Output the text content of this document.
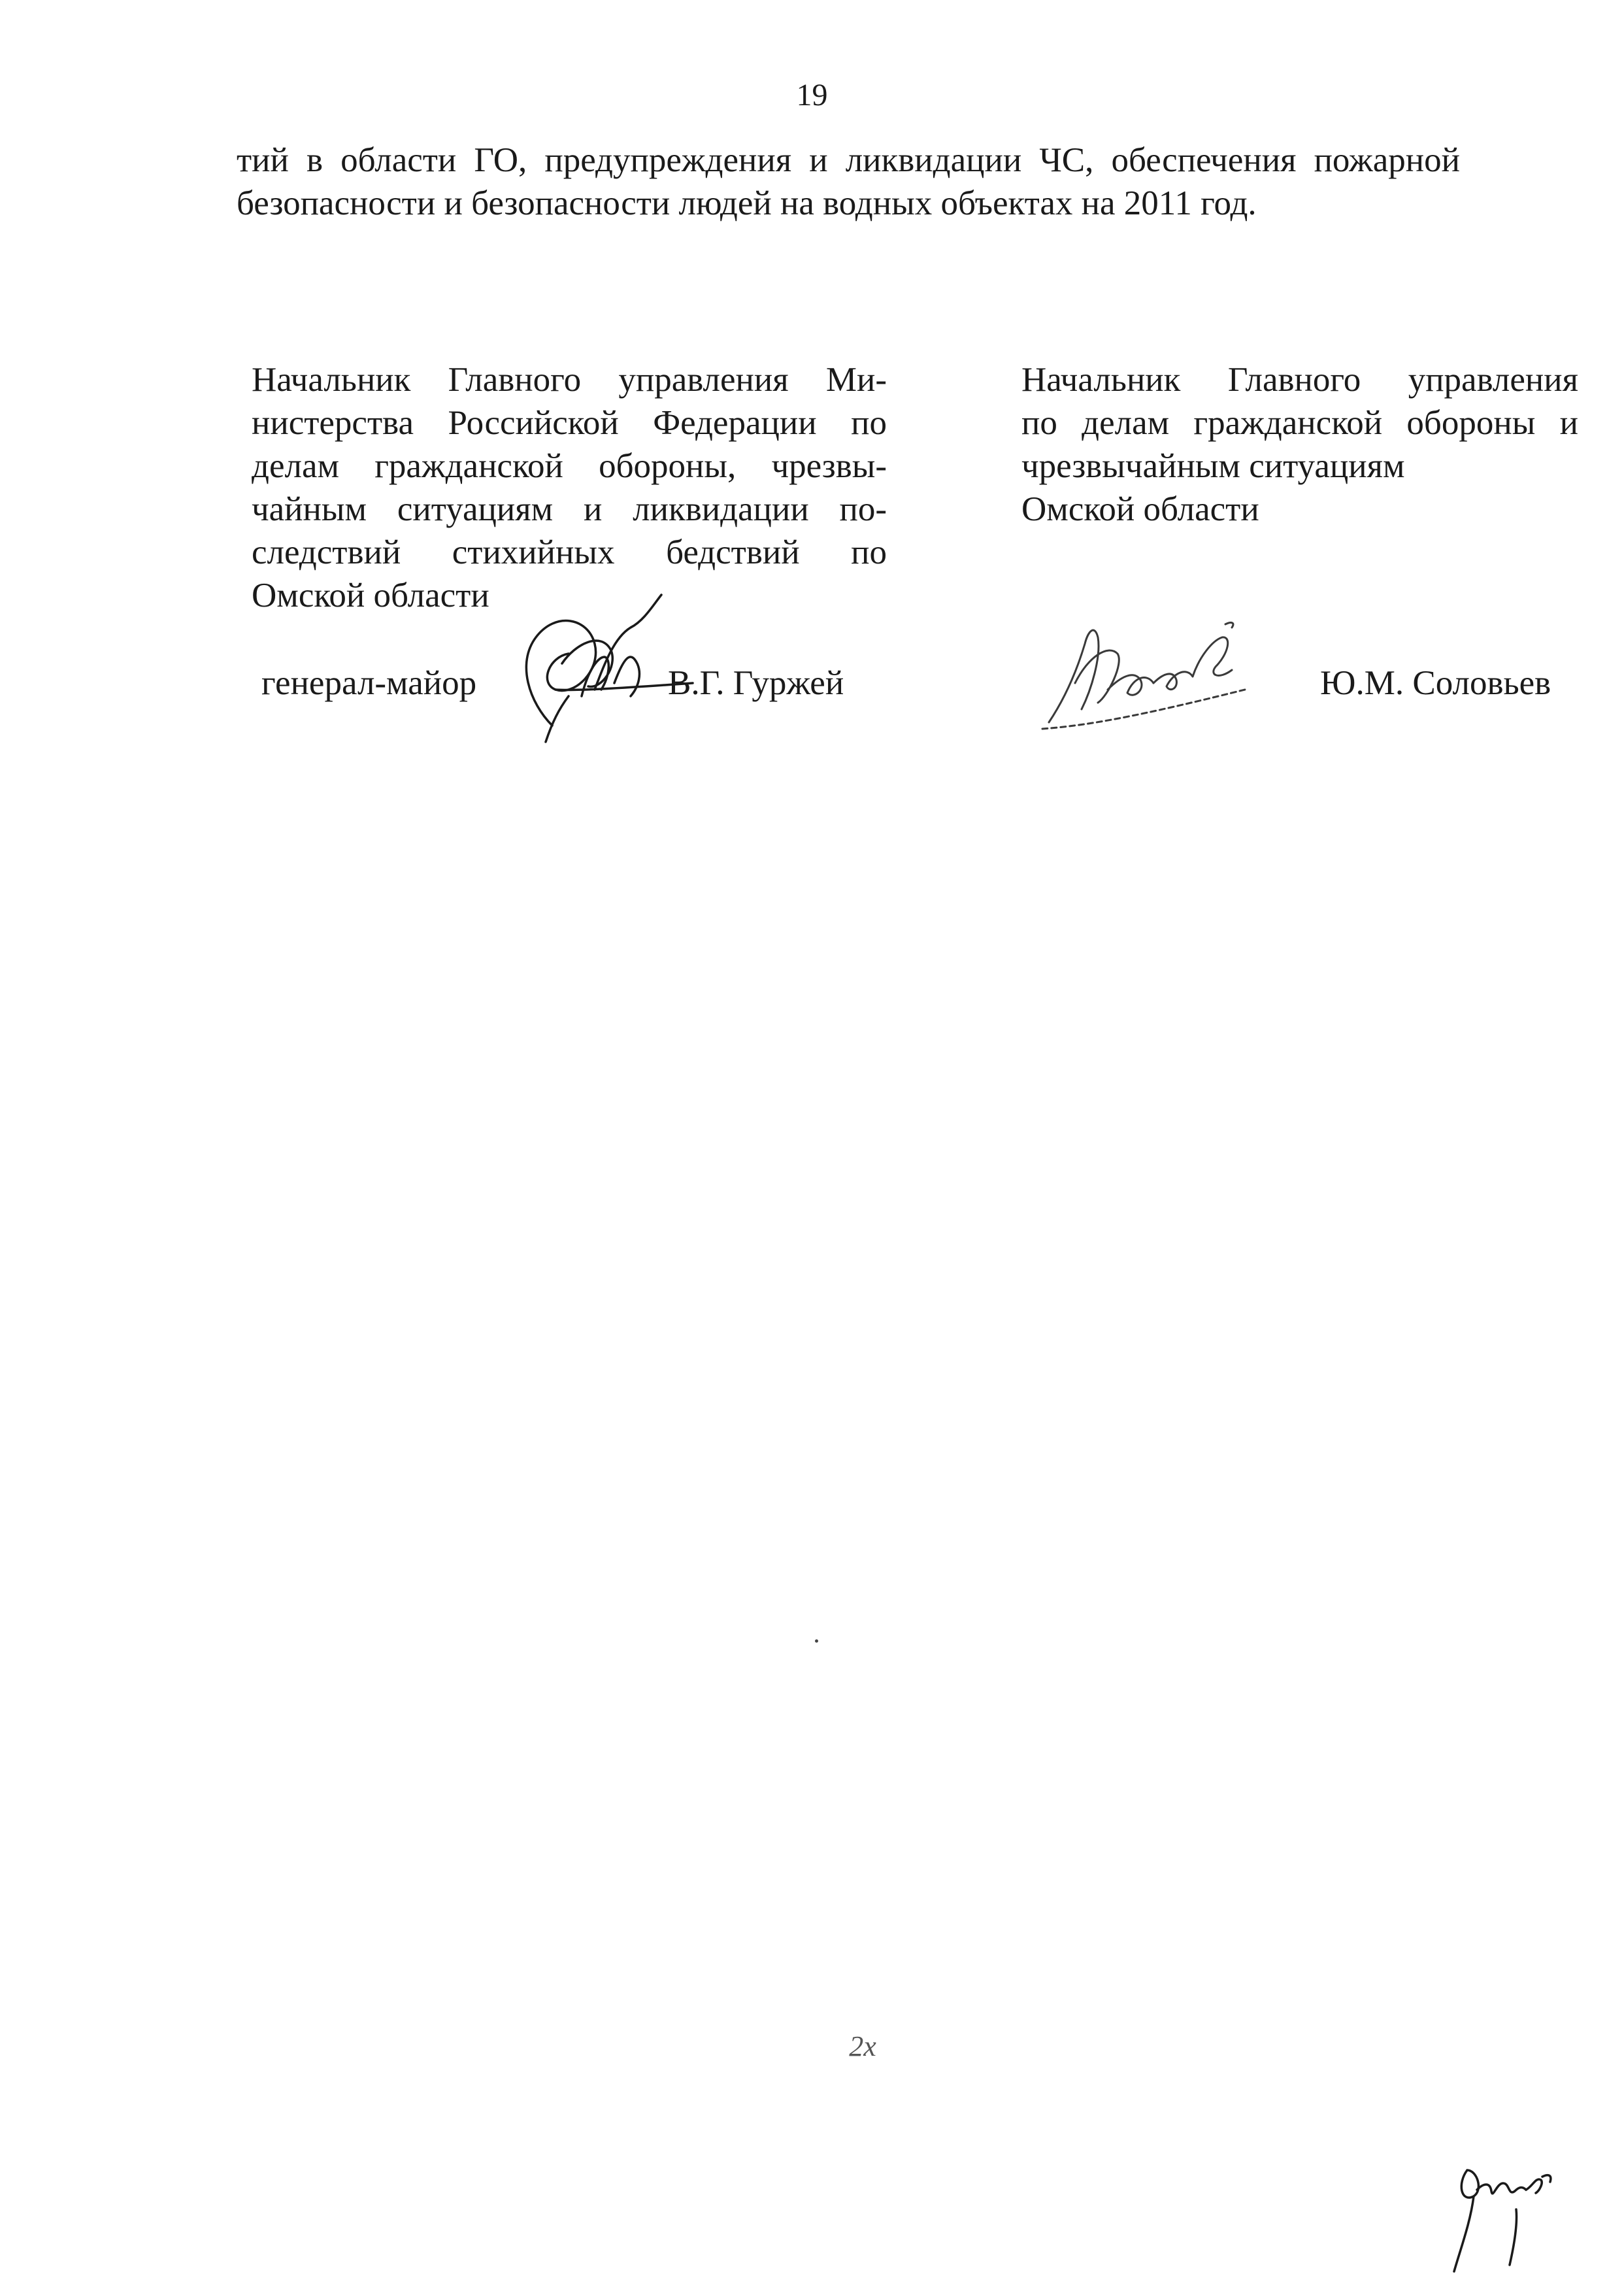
19
тий в области ГО, предупреждения и ликвидации ЧС, обеспечения пожарной
безопасности и безопасности людей на водных объектах на 2011 год.
Начальник Главного управления Ми-
нистерства Российской Федерации по
делам гражданской обороны, чрезвы-
чайным ситуациям и ликвидации по-
следствий стихийных бедствий по
Омской области
Начальник Главного управления
по делам гражданской обороны и
чрезвычайным ситуациям
Омской области
генерал-майор	В.Г. Гуржей	Ю.М. Соловьев
2х
